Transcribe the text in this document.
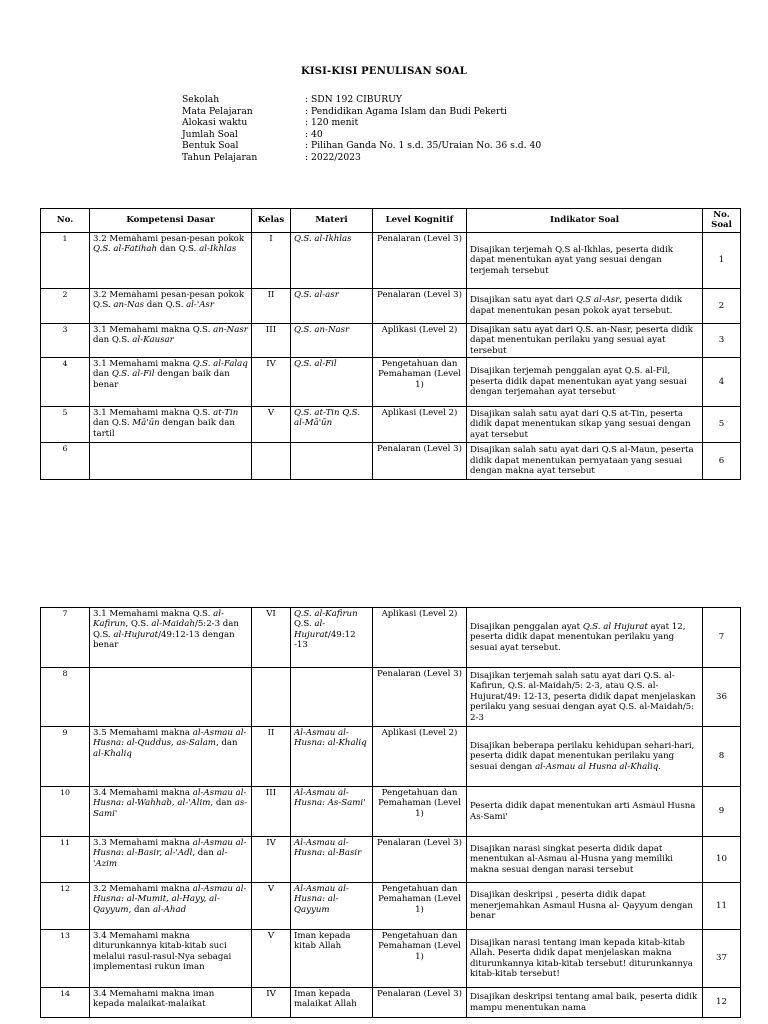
KISI-KISI PENULISAN SOAL
Sekolah	: SDN 192 CIBURUY
Mata Pelajaran	: Pendidikan Agama Islam dan Budi Pekerti
Alokasi waktu	: 120 menit
Jumlah Soal	: 40
Bentuk Soal	: Pilihan Ganda No. 1 s.d. 35/Uraian No. 36 s.d. 40
Tahun Pelajaran	: 2022/2023
No.	Kompetensi Dasar	Kelas	Materi	Level Kognitif	Indikator Soal	No. Soal
1	3.2 Memahami pesan-pesan pokok Q.S. al-Fatihah dan Q.S. al-Ikhlas	I	Q.S. al-Ikhlas	Penalaran (Level 3)	Disajikan terjemah Q.S al-Ikhlas, peserta didik dapat menentukan ayat yang sesuai dengan terjemah tersebut	1
2	3.2 Memahami pesan-pesan pokok Q.S. an-Nas dan Q.S. al-'Asr	II	Q.S. al-asr	Penalaran (Level 3)	Disajikan satu ayat dari Q.S al-Asr, peserta didik dapat menentukan pesan pokok ayat tersebut.	2
3	3.1 Memahami makna Q.S. an-Nasr dan Q.S. al-Kausar	III	Q.S. an-Nasr	Aplikasi (Level 2)	Disajikan satu ayat dari Q.S. an-Nasr, peserta didik dapat menentukan perilaku yang sesuai ayat tersebut	3
4	3.1 Memahami makna Q.S. al-Falaq dan Q.S. al-Fil dengan baik dan benar	IV	Q.S. al-Fil	Pengetahuan dan Pemahaman (Level 1)	Disajikan terjemah penggalan ayat Q.S. al-Fil, peserta didik dapat menentukan ayat yang sesuai dengan terjemahan ayat tersebut	4
5	3.1 Memahami makna Q.S. at-Tin dan Q.S. Mā'ūn dengan baik dan tartil	V	Q.S. at-Tin Q.S. al-Mā'ūn	Aplikasi (Level 2)	Disajikan salah satu ayat dari Q.S at-Tin, peserta didik dapat menentukan sikap yang sesuai dengan ayat tersebut	5
6				Penalaran (Level 3)	Disajikan salah satu ayat dari Q.S al-Maun, peserta didik dapat menentukan pernyataan yang sesuai dengan makna ayat tersebut	6
7	3.1 Memahami makna Q.S. al-Kafirun, Q.S. al-Maidah/5:2-3 dan Q.S. al-Hujurat/49:12-13 dengan benar	VI	Q.S. al-Kafirun Q.S. al-Hujurat/49:12 -13	Aplikasi (Level 2)	Disajikan penggalan ayat Q.S. al Hujurat ayat 12, peserta didik dapat menentukan perilaku yang sesuai ayat tersebut.	7
8				Penalaran (Level 3)	Disajikan terjemah salah satu ayat dari Q.S. al-Kafirun, Q.S. al-Maidah/5: 2-3, atau Q.S. al-Hujurat/49: 12-13, peserta didik dapat menjelaskan perilaku yang sesuai dengan ayat Q.S. al-Maidah/5: 2-3	36
9	3.5 Memahami makna al-Asmau al-Husna: al-Quddus, as-Salam, dan al-Khaliq	II	Al-Asmau al-Husna: al-Khaliq	Aplikasi (Level 2)	Disajikan beberapa perilaku kehidupan sehari-hari, peserta didik dapat menentukan perilaku yang sesuai dengan al-Asmau al Husna al-Khaliq.	8
10	3.4 Memahami makna al-Asmau al-Husna: al-Wahhab, al-'Alim, dan as-Sami'	III	Al-Asmau al-Husna: As-Sami'	Pengetahuan dan Pemahaman (Level 1)	Peserta didik dapat menentukan arti Asmaul Husna As-Sami'	9
11	3.3 Memahami makna al-Asmau al-Husna: al-Basir, al-'Adl, dan al-'Azim	IV	Al-Asmau al-Husna: al-Basir	Penalaran (Level 3)	Disajikan narasi singkat peserta didik dapat menentukan al-Asmau al-Husna yang memiliki makna sesuai dengan narasi tersebut	10
12	3.2 Memahami makna al-Asmau al- Husna: al-Mumit, al-Hayy, al-Qayyum, dan al-Ahad	V	Al-Asmau al-Husna: al-Qayyum	Pengetahuan dan Pemahaman (Level 1)	Disajikan deskripsi , peserta didik dapat menerjemahkan Asmaul Husna al- Qayyum dengan benar	11
13	3.4 Memahami makna diturunkannya kitab-kitab suci melalui rasul-rasul-Nya sebagai implementasi rukun iman	V	Iman kepada kitab Allah	Pengetahuan dan Pemahaman (Level 1)	Disajikan narasi tentang iman kepada kitab-kitab Allah. Peserta didik dapat menjelaskan makna diturunkannya kitab-kitab tersebut! diturunkannya kitab-kitab tersebut!	37
14	3.4 Memahami makna iman kepada malaikat-malaikat	IV	Iman kepada malaikat Allah	Penalaran (Level 3)	Disajikan deskripsi tentang amal baik, peserta didik mampu menentukan nama	12
